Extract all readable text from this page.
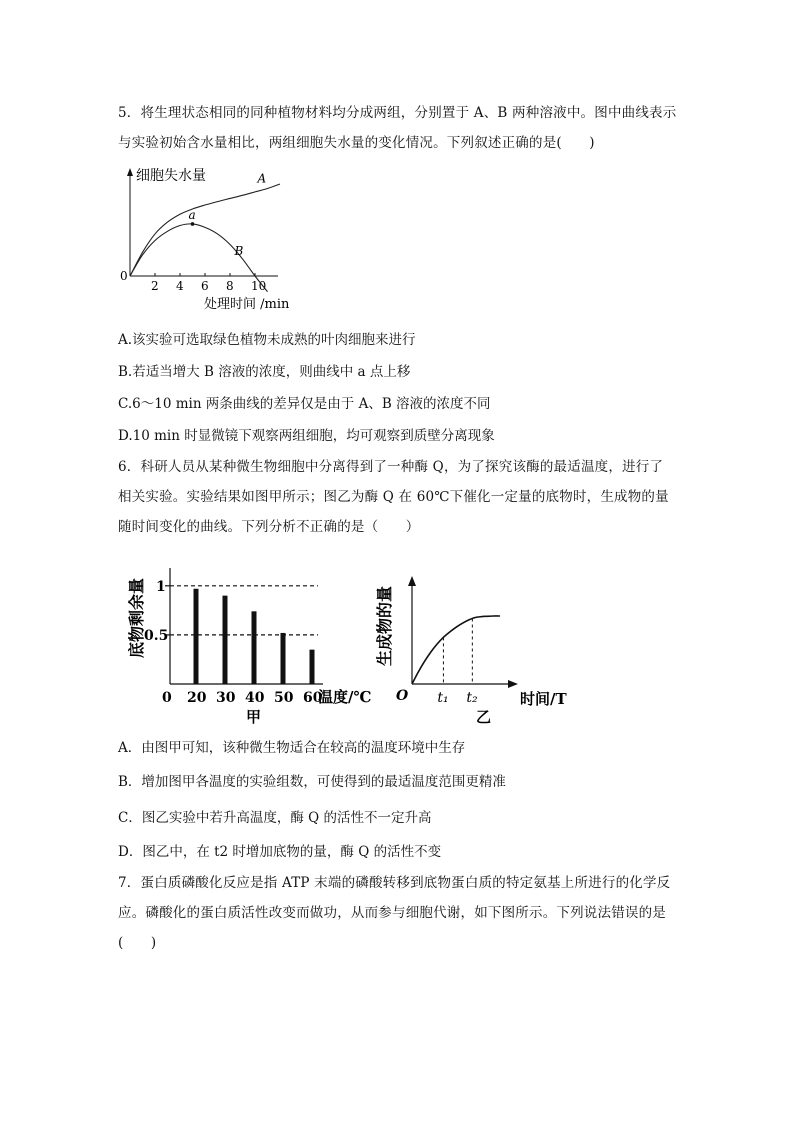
5．将生理状态相同的同种植物材料均分成两组，分别置于 A、B 两种溶液中。图中曲线表示
与实验初始含水量相比，两组细胞失水量的变化情况。下列叙述正确的是(　　)
细胞失水量
0
2 4 6 8 10
处理时间 /min
A
B
a
A.该实验可选取绿色植物未成熟的叶肉细胞来进行
B.若适当增大 B 溶液的浓度，则曲线中 a 点上移
C.6～10 min 两条曲线的差异仅是由于 A、B 溶液的浓度不同
D.10 min 时显微镜下观察两组细胞，均可观察到质壁分离现象
6．科研人员从某种微生物细胞中分离得到了一种酶 Q，为了探究该酶的最适温度，进行了
相关实验。实验结果如图甲所示；图乙为酶 Q 在 60℃下催化一定量的底物时，生成物的量
随时间变化的曲线。下列分析不正确的是（　　）
底物剩余量 1
0.5
20 30 40 50 60
0	温度/℃
甲
生成物的量
O t₁ t₂	时间/T
乙
A．由图甲可知，该种微生物适合在较高的温度环境中生存
B．增加图甲各温度的实验组数，可使得到的最适温度范围更精准
C．图乙实验中若升高温度，酶 Q 的活性不一定升高
D．图乙中，在 t2 时增加底物的量，酶 Q 的活性不变
7．蛋白质磷酸化反应是指 ATP 末端的磷酸转移到底物蛋白质的特定氨基上所进行的化学反
应。磷酸化的蛋白质活性改变而做功，从而参与细胞代谢，如下图所示。下列说法错误的是
(　　)
